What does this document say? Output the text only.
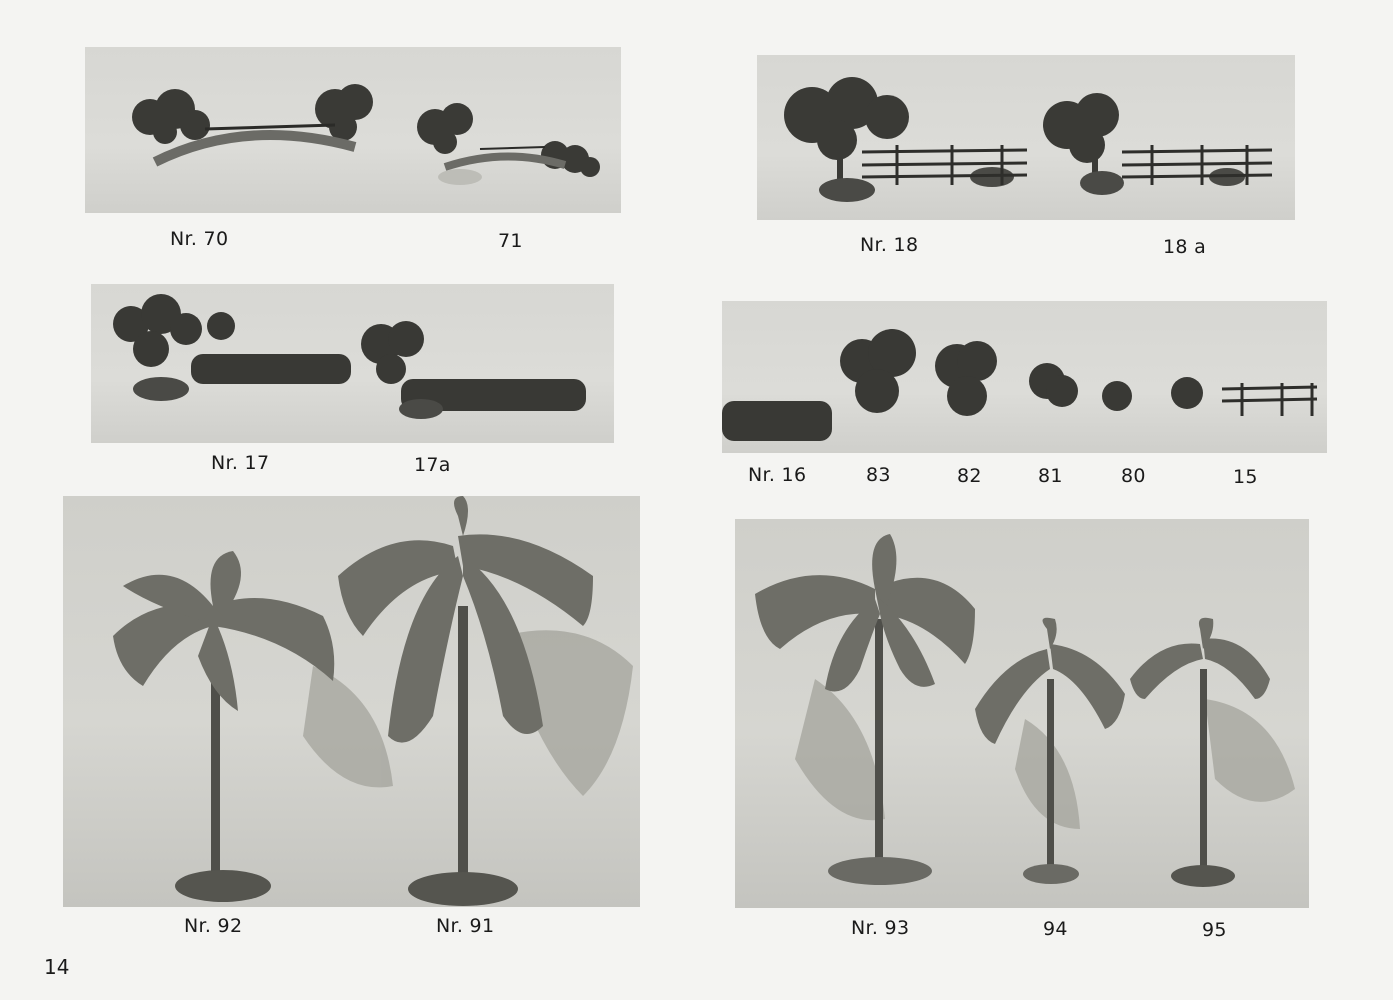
Nr. 70	71	Nr. 18	18 a
Nr. 17	17a	Nr. 16	83	82	81	80	15
Nr. 92	Nr. 91	Nr. 93	94	95
14
